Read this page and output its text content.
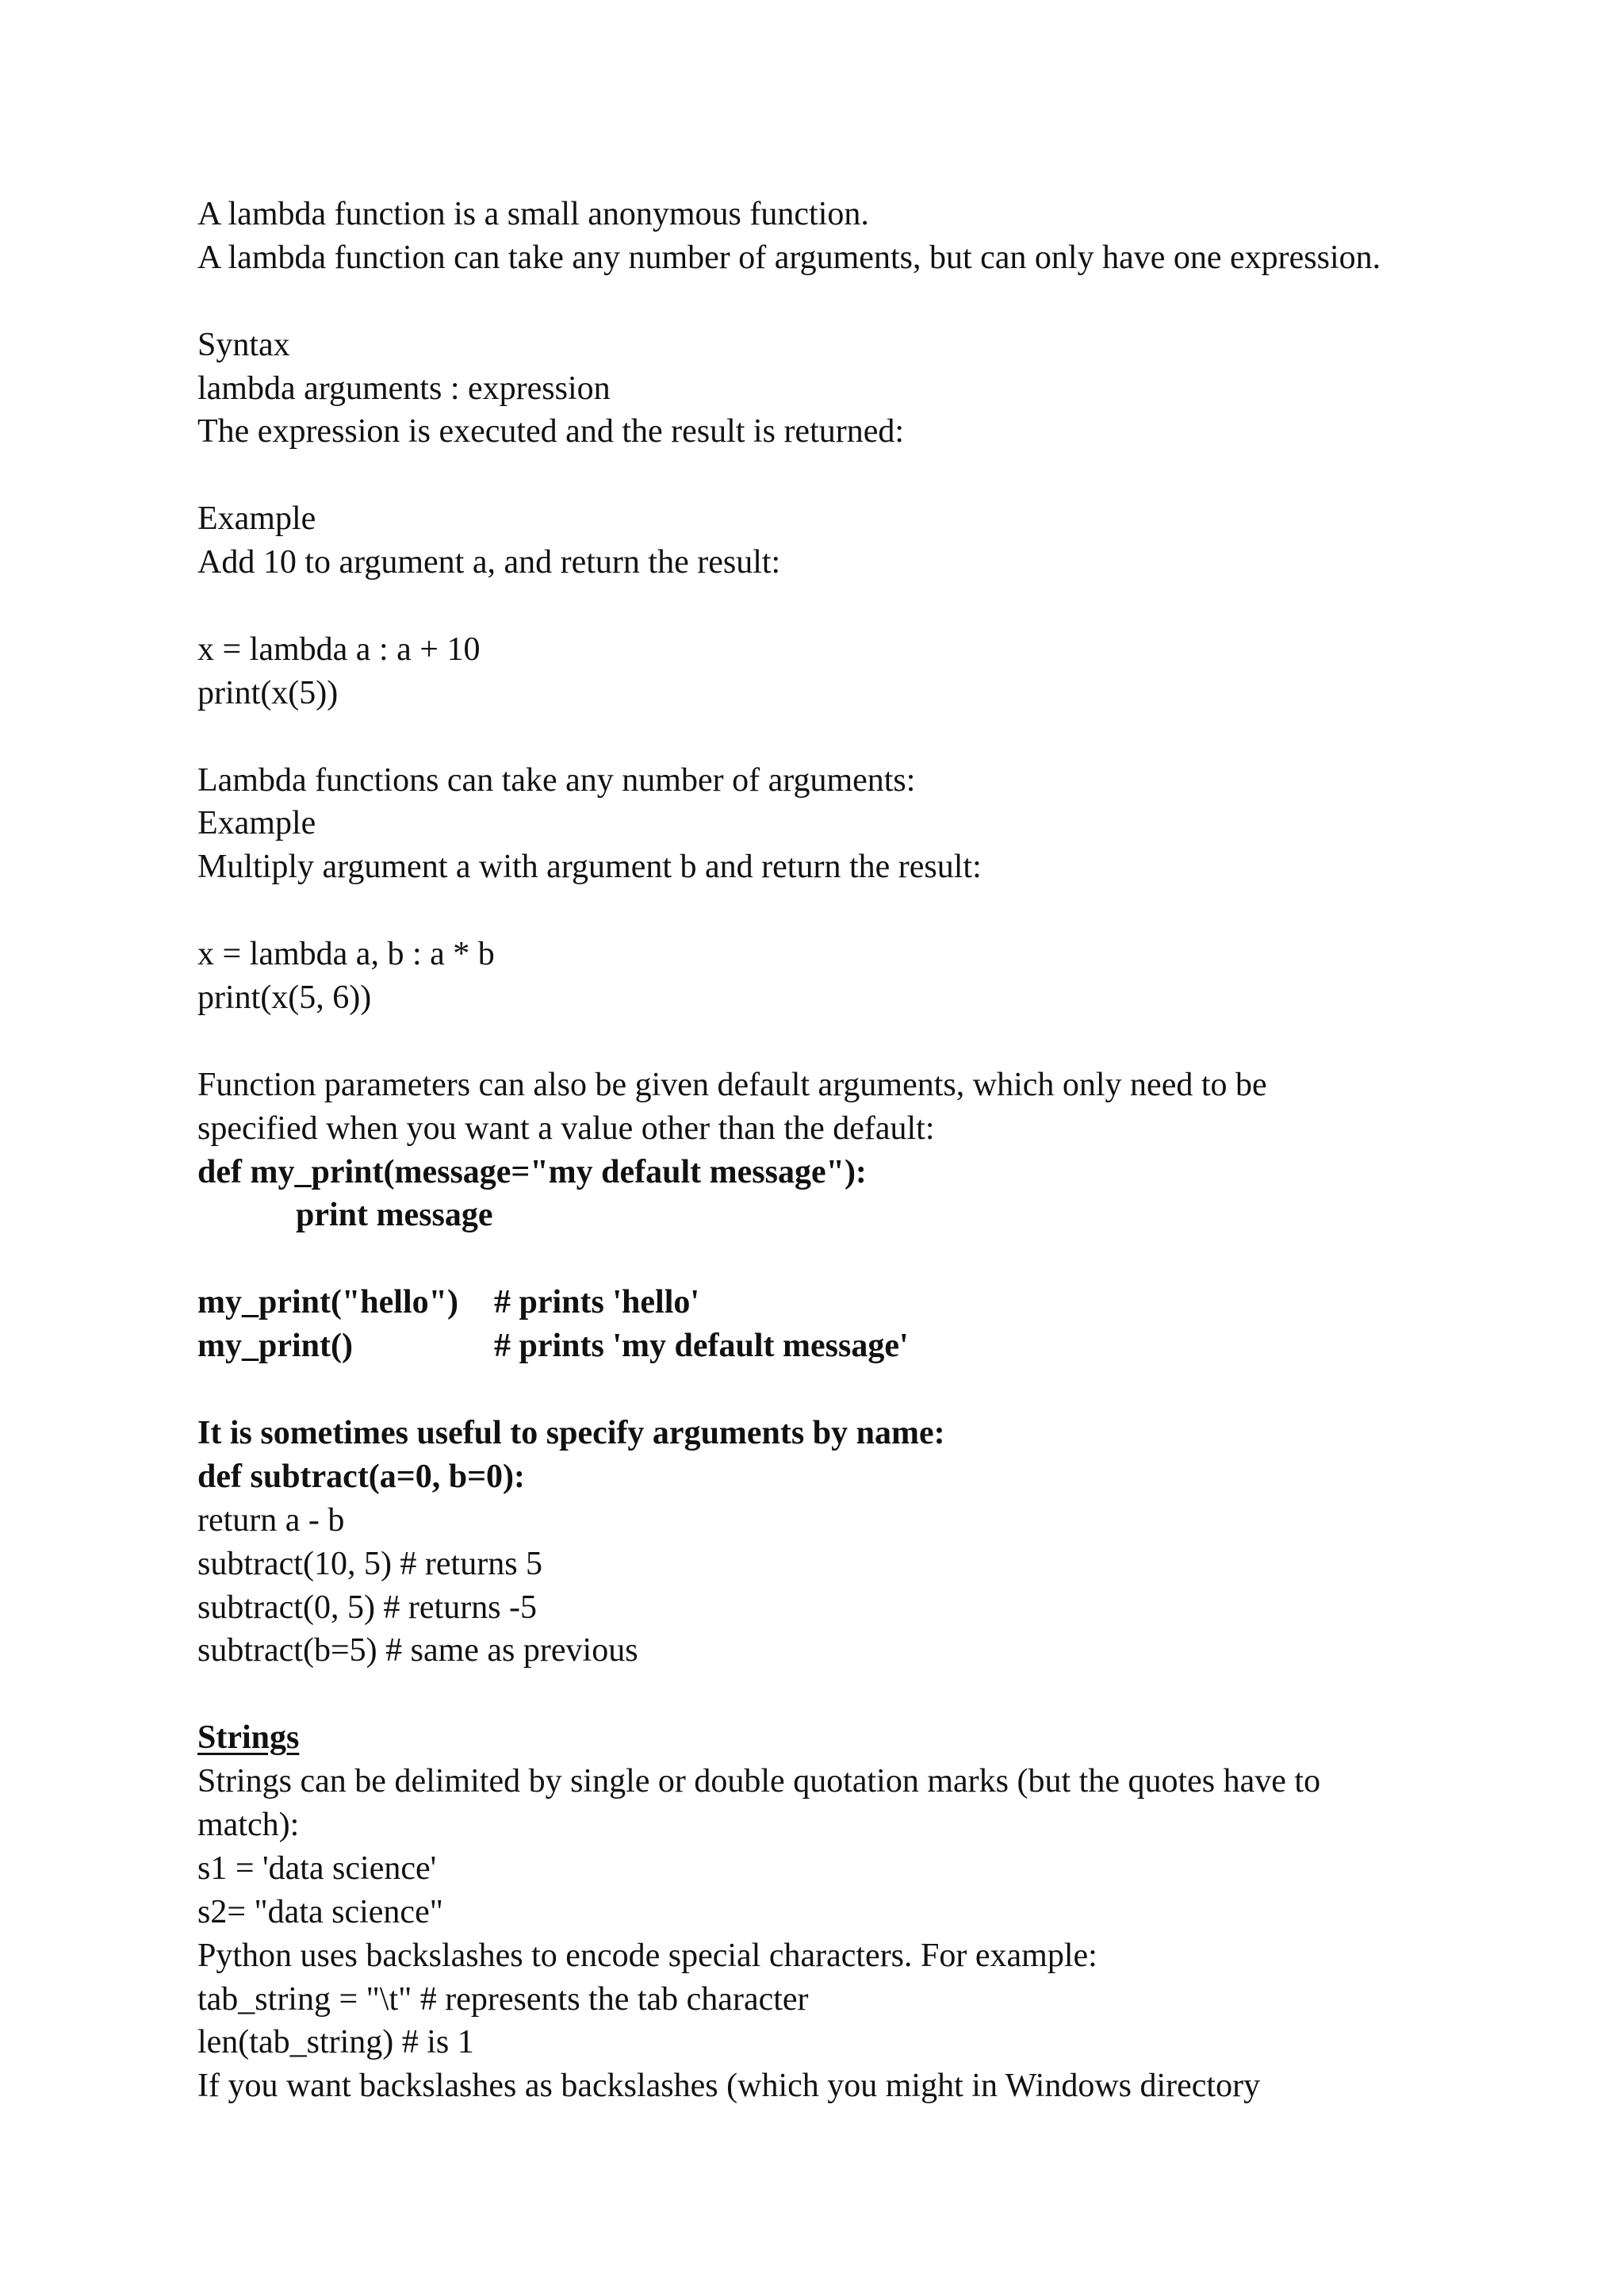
A lambda function is a small anonymous function.
A lambda function can take any number of arguments, but can only have one expression.
Syntax
lambda arguments : expression
The expression is executed and the result is returned:
Example
Add 10 to argument a, and return the result:
x = lambda a : a + 10
print(x(5))
Lambda functions can take any number of arguments:
Example
Multiply argument a with argument b and return the result:
x = lambda a, b : a * b
print(x(5, 6))
Function parameters can also be given default arguments, which only need to be
specified when you want a value other than the default:
def my_print(message="my default message"):
print message
my_print("hello") # prints 'hello'
my_print()	# prints 'my default message'
It is sometimes useful to specify arguments by name:
def subtract(a=0, b=0):
return a - b
subtract(10, 5) # returns 5
subtract(0, 5) # returns -5
subtract(b=5) # same as previous
Strings
Strings can be delimited by single or double quotation marks (but the quotes have to
match):
s1 = 'data science'
s2= "data science"
Python uses backslashes to encode special characters. For example:
tab_string = "\t" # represents the tab character
len(tab_string) # is 1
If you want backslashes as backslashes (which you might in Windows directory
